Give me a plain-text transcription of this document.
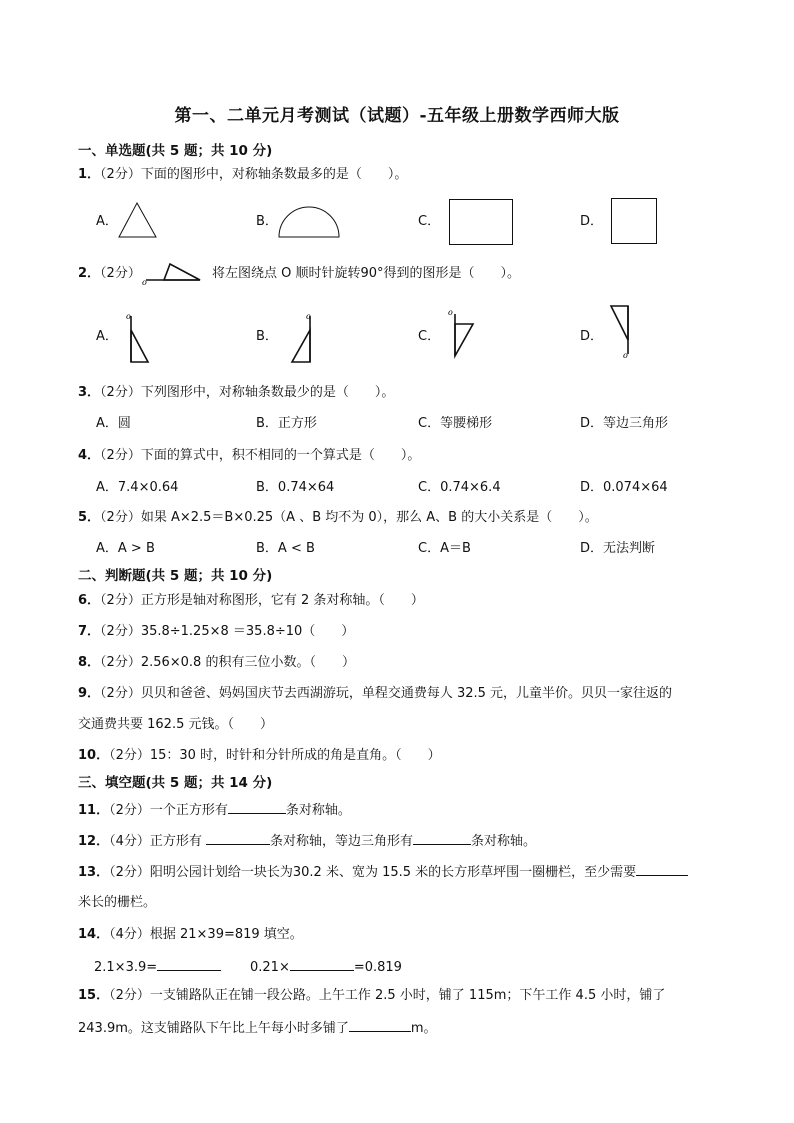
第一、二单元月考测试（试题）-五年级上册数学西师大版
一、单选题(共 5 题；共 10 分)
1．（2分）下面的图形中，对称轴条数最多的是（　　）。
A．	B．	C．	D．
2．（2分）
o
将左图绕点 O 顺时针旋转90°得到的图形是（　　）。
A．
o
B．
o
C．
o
D．
o
3．（2分）下列图形中，对称轴条数最少的是（　　）。
A．圆	B．正方形	C．等腰梯形	D．等边三角形
4．（2分）下面的算式中，积不相同的一个算式是（　　）。
A．7.4×0.64	B．0.74×64	C．0.74×6.4	D．0.074×64
5．（2分）如果 A×2.5＝B×0.25（A 、B 均不为 0），那么 A、B 的大小关系是（　　）。
A．A > B	B．A < B	C．A＝B	D．无法判断
二、判断题(共 5 题；共 10 分)
6．（2分）正方形是轴对称图形，它有 2 条对称轴。（　　）
7．（2分）35.8÷1.25×8 ＝35.8÷10（　　）
8．（2分）2.56×0.8 的积有三位小数。（　　）
9．（2分）贝贝和爸爸、妈妈国庆节去西湖游玩，单程交通费每人 32.5 元，儿童半价。贝贝一家往返的
交通费共要 162.5 元钱。（　　）
10．（2分）15：30 时，时针和分针所成的角是直角。（　　）
三、填空题(共 5 题；共 14 分)
11．（2分）一个正方形有	条对称轴。
12．（4分）正方形有	条对称轴，等边三角形有	条对称轴。
13．（2分）阳明公园计划给一块长为30.2 米、宽为 15.5 米的长方形草坪围一圈栅栏，至少需要
米长的栅栏。
14．（4分）根据 21×39=819 填空。
2.1×3.9=	0.21×	=0.819
15．（2分）一支铺路队正在铺一段公路。上午工作 2.5 小时，铺了 115m；下午工作 4.5 小时，铺了
243.9m。这支铺路队下午比上午每小时多铺了	m。
